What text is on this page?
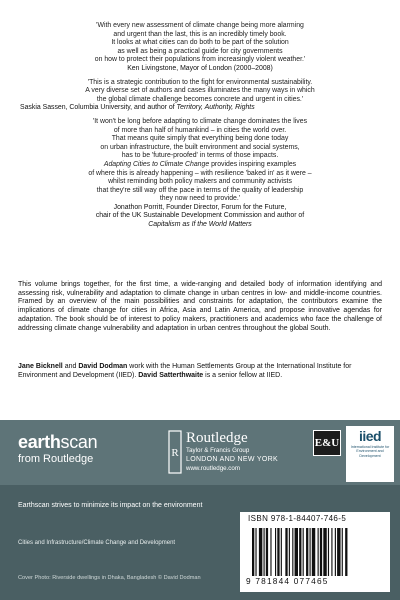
'With every new assessment of climate change being more alarming

and urgent than the last, this is an incredibly timely book.

It looks at what cities can do both to be part of the solution

as well as being a practical guide for city governments

on how to protect their populations from increasingly violent weather.'

Ken Livingstone, Mayor of London (2000–2008)

'This is a strategic contribution to the fight for environmental sustainability.

A very diverse set of authors and cases illuminates the many ways in which

the global climate challenge becomes concrete and urgent in cities.'

Saskia Sassen, Columbia University, and author of Territory, Authority, Rights

'It won't be long before adapting to climate change dominates the lives

of more than half of humankind – in cities the world over.

That means quite simply that everything being done today

on urban infrastructure, the built environment and social systems,

has to be 'future-proofed' in terms of those impacts.

Adapting Cities to Climate Change provides inspiring examples

of where this is already happening – with resilience 'baked in' as it were –

whilst reminding both policy makers and community activists

that they're still way off the pace in terms of the quality of leadership

they now need to provide.'

Jonathon Porritt, Founder Director, Forum for the Future,

chair of the UK Sustainable Development Commission and author of

Capitalism as If the World Matters

This volume brings together, for the first time, a wide-ranging and detailed body of information identifying and assessing risk, vulnerability and adaptation to climate change in urban centres in low- and middle-income countries. Framed by an overview of the main possibilities and constraints for adaptation, the contributors examine the implications of climate change for cities in Africa, Asia and Latin America, and propose innovative agendas for adaptation. The book should be of interest to policy makers, practitioners and academics who face the challenge of addressing climate change vulnerability and adaptation in urban centres throughout the global South.

Jane Bicknell and David Dodman work with the Human Settlements Group at the International Institute for Environment and Development (IIED). David Satterthwaite is a senior fellow at IIED.

earthscan
from Routledge	R
Routledge
Taylor & Francis Group
LONDON AND NEW YORK
www.routledge.com
E&U	iied
International Institute for Environment and Development
Earthscan strives to minimize its impact on the environment
Cities and Infrastructure/Climate Change and Development
Cover Photo: Riverside dwellings in Dhaka, Bangladesh © David Dodman
ISBN 978-1-84407-746-5
9 781844 077465
